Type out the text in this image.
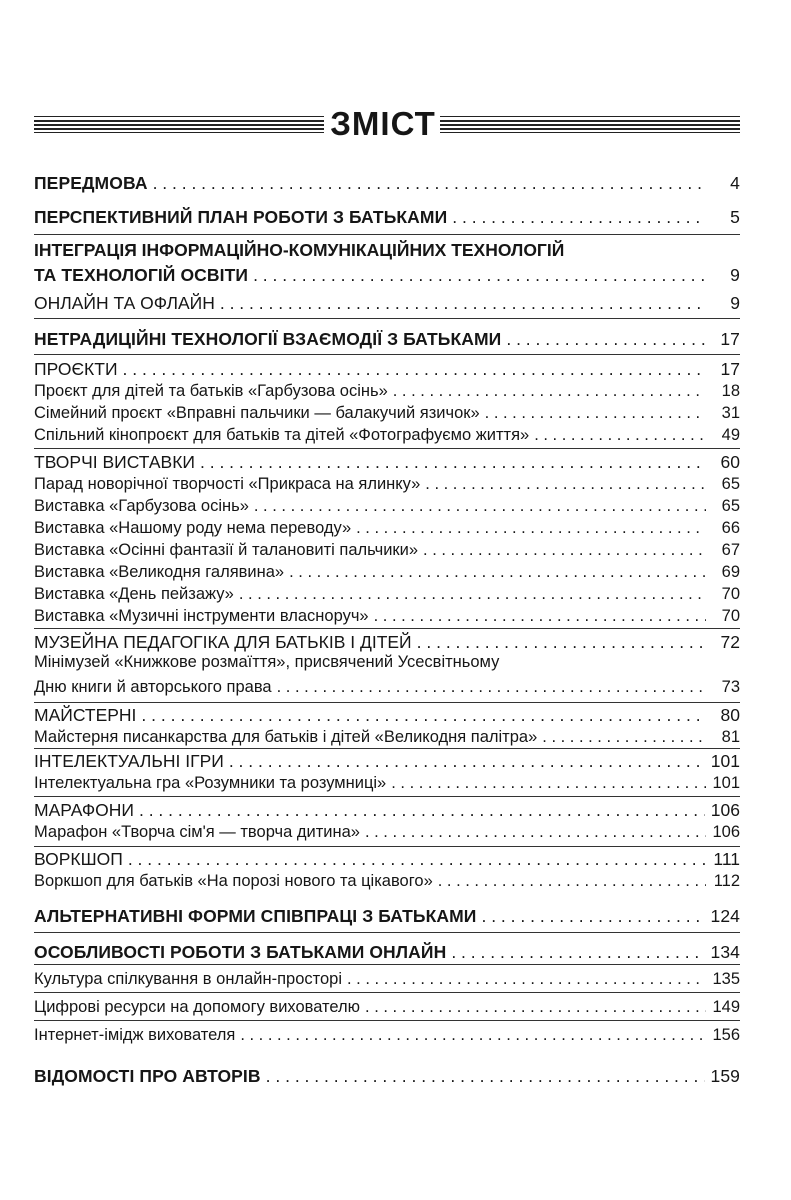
ЗМІСТ
ПЕРЕДМОВА . . .	4
ПЕРСПЕКТИВНИЙ ПЛАН РОБОТИ З БАТЬКАМИ . . .	5
ІНТЕГРАЦІЯ ІНФОРМАЦІЙНО-КОМУНІКАЦІЙНИХ ТЕХНОЛОГІЙ
ТА ТЕХНОЛОГІЙ ОСВІТИ . . .	9
ОНЛАЙН ТА ОФЛАЙН . . .	9
НЕТРАДИЦІЙНІ ТЕХНОЛОГІЇ ВЗАЄМОДІЇ З БАТЬКАМИ . . .	17
ПРОЄКТИ . . .	17
Проєкт для дітей та батьків «Гарбузова осінь» . . .	18
Сімейний проєкт «Вправні пальчики — балакучий язичок» . . .	31
Спільний кінопроєкт для батьків та дітей «Фотографуємо життя» . . .	49
ТВОРЧІ ВИСТАВКИ . . .	60
Парад новорічної творчості «Прикраса на ялинку» . . .	65
Виставка «Гарбузова осінь» . . .	65
Виставка «Нашому роду нема переводу» . . .	66
Виставка «Осінні фантазії й талановиті пальчики» . . .	67
Виставка «Великодня галявина» . . .	69
Виставка «День пейзажу» . . .	70
Виставка «Музичні інструменти власноруч» . . .	70
МУЗЕЙНА ПЕДАГОГІКА ДЛЯ БАТЬКІВ І ДІТЕЙ . . .	72
Мінімузей «Книжкове розмаїття», присвячений Усесвітньому
Дню книги й авторського права . . .	73
МАЙСТЕРНІ . . .	80
Майстерня писанкарства для батьків і дітей «Великодня палітра» . . .	81
ІНТЕЛЕКТУАЛЬНІ ІГРИ . . .	101
Інтелектуальна гра «Розумники та розумниці» . . .	101
МАРАФОНИ . . .	106
Марафон «Творча сім'я — творча дитина» . . .	106
ВОРКШОП . . .	111
Воркшоп для батьків «На порозі нового та цікавого» . . .	112
АЛЬТЕРНАТИВНІ ФОРМИ СПІВПРАЦІ З БАТЬКАМИ . . .	124
ОСОБЛИВОСТІ РОБОТИ З БАТЬКАМИ ОНЛАЙН . . .	134
Культура спілкування в онлайн-просторі . . .	135
Цифрові ресурси на допомогу вихователю . . .	149
Інтернет-імідж вихователя . . .	156
ВІДОМОСТІ ПРО АВТОРІВ . . .	159
